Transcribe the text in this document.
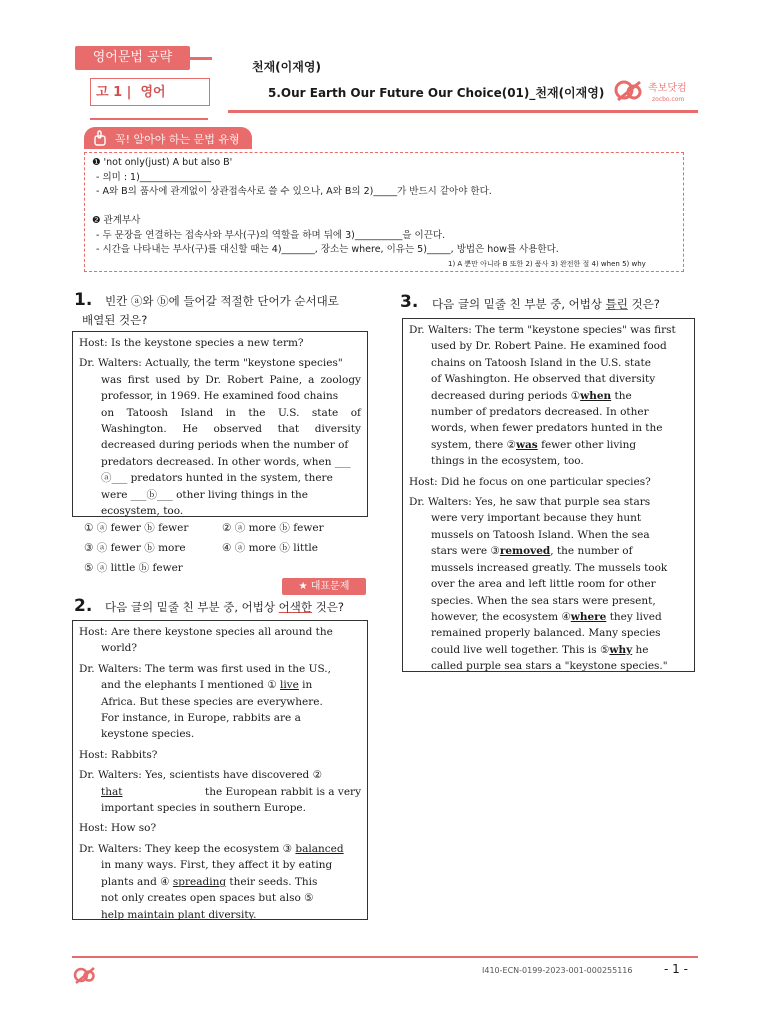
영어문법 공략
고 1 | 영어
천재(이재영)
5.Our Earth Our Future Our Choice(01)_천재(이재영)	족보닷컴
zocbo.com
꼭! 알아야 하는 문법 유형
❶ 'not only(just) A but also B'
- 의미 : 1)_______________
- A와 B의 품사에 관계없이 상관접속사로 쓸 수 있으나, A와 B의 2)_____가 반드시 같아야 한다.
❷ 관계부사
- 두 문장을 연결하는 접속사와 부사(구)의 역할을 하며 뒤에 3)__________을 이끈다.
- 시간을 나타내는 부사(구)를 대신할 때는 4)_______, 장소는 where, 이유는 5)_____, 방법은 how를 사용한다.
1) A 뿐만 아니라 B 또한 2) 품사 3) 완전한 절 4) when 5) why
1. 빈칸 ⓐ와 ⓑ에 들어갈 적절한 단어가 순서대로
배열된 것은?
Host: Is the keystone species a new term?
Dr. Walters: Actually, the term "keystone species"
was first used by Dr. Robert Paine, a zoology
professor, in 1969. He examined food chains
on Tatoosh Island in the U.S. state of
Washington. He observed that diversity
decreased during periods when the number of
predators decreased. In other words, when ___
ⓐ___ predators hunted in the system, there
were ___ⓑ___ other living things in the
ecosystem, too.
① ⓐ fewer ⓑ fewer	② ⓐ more ⓑ fewer
③ ⓐ fewer ⓑ more	④ ⓐ more ⓑ little
⑤ ⓐ little ⓑ fewer
★ 대표문제
2. 다음 글의 밑줄 친 부분 중, 어법상 어색한 것은?
Host: Are there keystone species all around the
world?
Dr. Walters: The term was first used in the US.,
and the elephants I mentioned ① live in
Africa. But these species are everywhere.
For instance, in Europe, rabbits are a
keystone species.
Host: Rabbits?
Dr. Walters: Yes, scientists have discovered ②
that	the European rabbit is a very
important species in southern Europe.
Host: How so?
Dr. Walters: They keep the ecosystem ③ balanced
in many ways. First, they affect it by eating
plants and ④ spreading their seeds. This
not only creates open spaces but also ⑤
help maintain plant diversity.
3. 다음 글의 밑줄 친 부분 중, 어법상 틀린 것은?
Dr. Walters: The term "keystone species" was first
used by Dr. Robert Paine. He examined food
chains on Tatoosh Island in the U.S. state
of Washington. He observed that diversity
decreased during periods ①when the
number of predators decreased. In other
words, when fewer predators hunted in the
system, there ②was fewer other living
things in the ecosystem, too.
Host: Did he focus on one particular species?
Dr. Walters: Yes, he saw that purple sea stars
were very important because they hunt
mussels on Tatoosh Island. When the sea
stars were ③removed, the number of
mussels increased greatly. The mussels took
over the area and left little room for other
species. When the sea stars were present,
however, the ecosystem ④where they lived
remained properly balanced. Many species
could live well together. This is ⑤why he
called purple sea stars a "keystone species."
I410-ECN-0199-2023-001-000255116	- 1 -
